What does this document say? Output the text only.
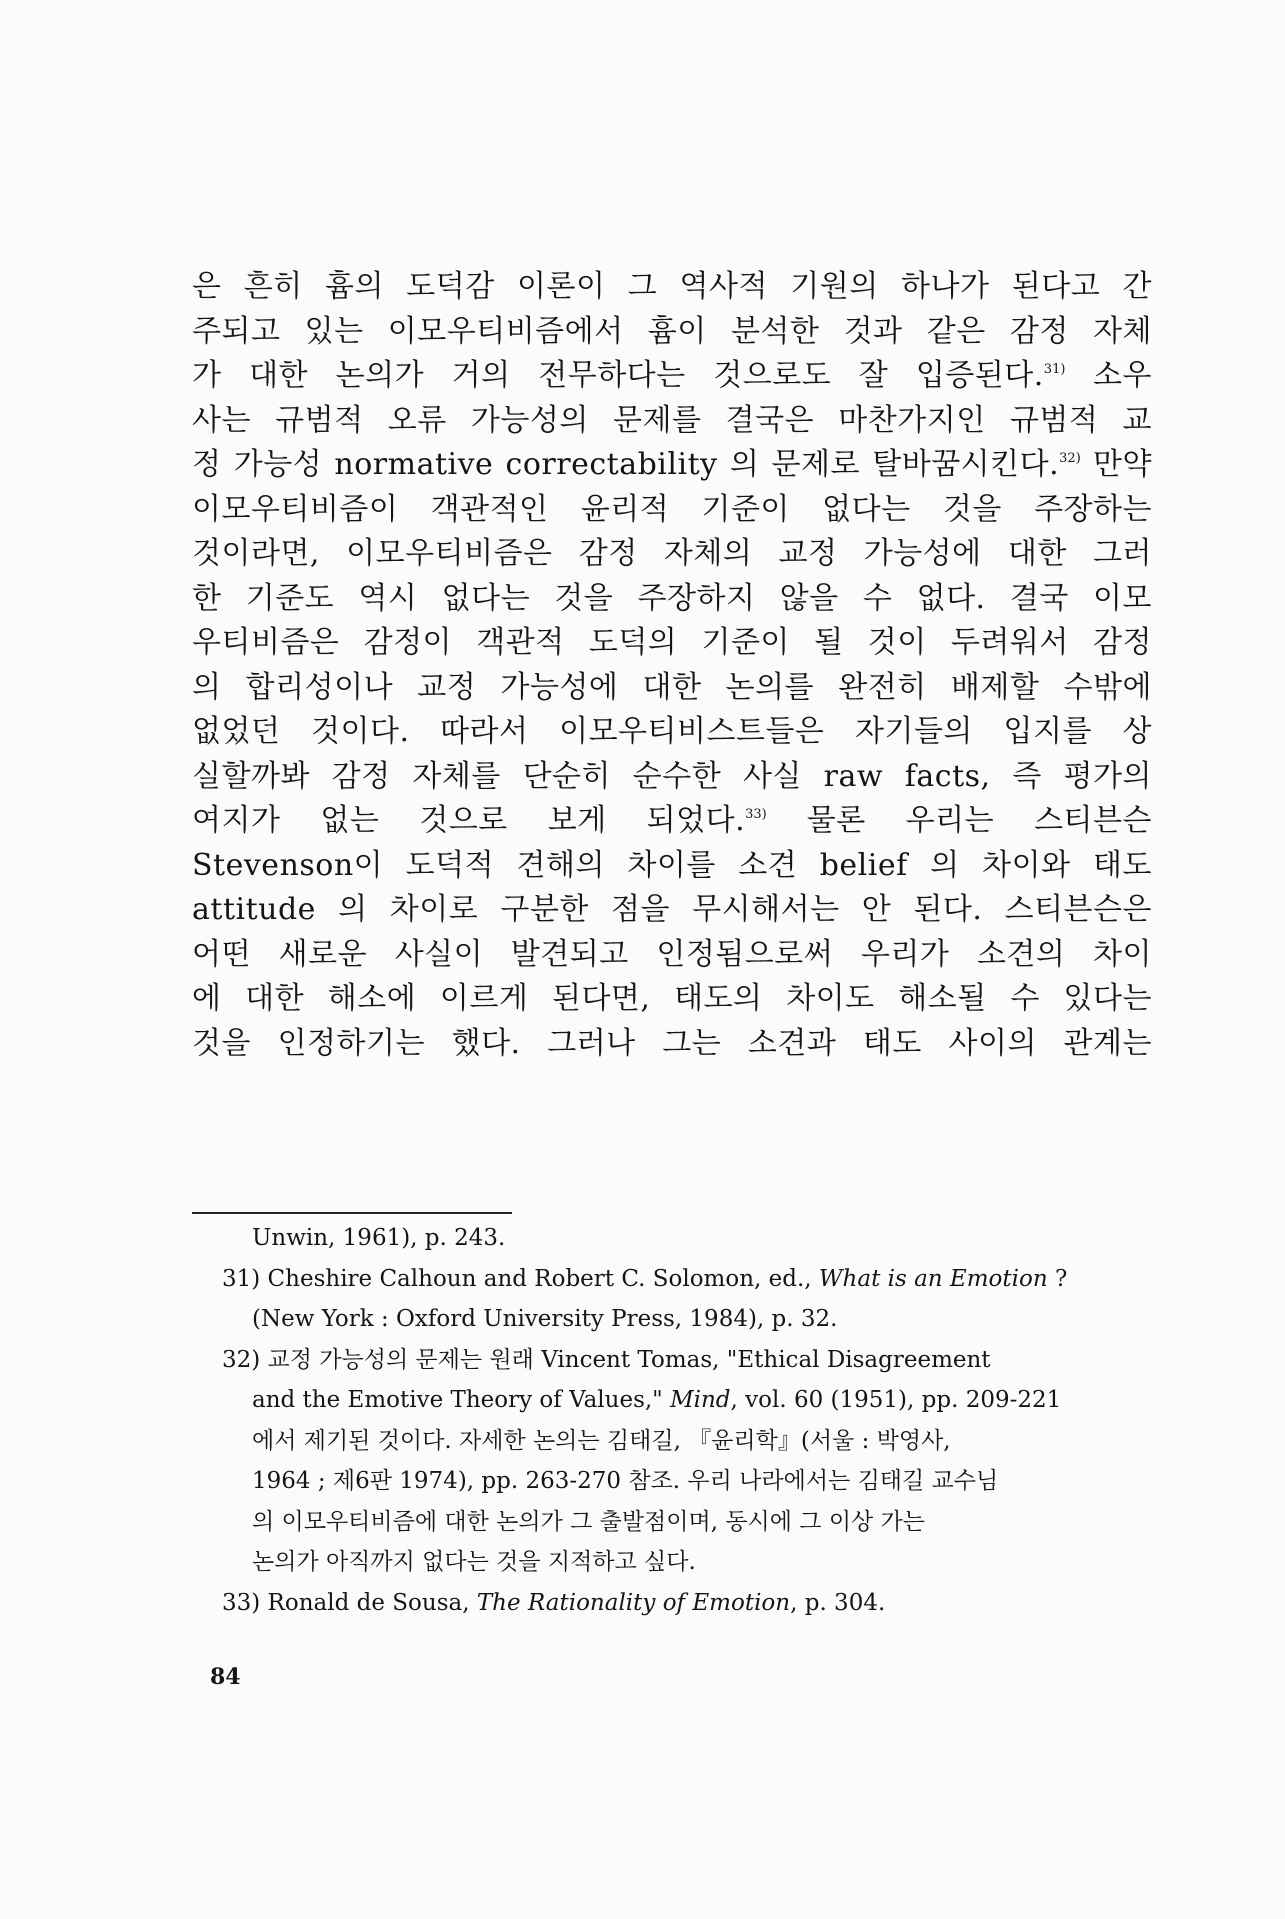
은 흔히 흄의 도덕감 이론이 그 역사적 기원의 하나가 된다고 간
주되고 있는 이모우티비즘에서 흄이 분석한 것과 같은 감정 자체
가 대한 논의가 거의 전무하다는 것으로도 잘 입증된다.$^{31)}$ 소우
사는 규범적 오류 가능성의 문제를 결국은 마찬가지인 규범적 교
정 가능성 normative correctability 의 문제로 탈바꿈시킨다.$^{32)}$ 만약
이모우티비즘이 객관적인 윤리적 기준이 없다는 것을 주장하는
것이라면, 이모우티비즘은 감정 자체의 교정 가능성에 대한 그러
한 기준도 역시 없다는 것을 주장하지 않을 수 없다. 결국 이모
우티비즘은 감정이 객관적 도덕의 기준이 될 것이 두려워서 감정
의 합리성이나 교정 가능성에 대한 논의를 완전히 배제할 수밖에
없었던 것이다. 따라서 이모우티비스트들은 자기들의 입지를 상
실할까봐 감정 자체를 단순히 순수한 사실 raw facts, 즉 평가의
여지가 없는 것으로 보게 되었다.$^{33)}$ 물론 우리는 스티븐슨
Stevenson이 도덕적 견해의 차이를 소견 belief 의 차이와 태도
attitude 의 차이로 구분한 점을 무시해서는 안 된다. 스티븐슨은
어떤 새로운 사실이 발견되고 인정됨으로써 우리가 소견의 차이
에 대한 해소에 이르게 된다면, 태도의 차이도 해소될 수 있다는
것을 인정하기는 했다. 그러나 그는 소견과 태도 사이의 관계는
Unwin, 1961), p. 243.
31) Cheshire Calhoun and Robert C. Solomon, ed., What is an Emotion ?
(New York : Oxford University Press, 1984), p. 32.
32) 교정 가능성의 문제는 원래 Vincent Tomas, "Ethical Disagreement
and the Emotive Theory of Values," Mind, vol. 60 (1951), pp. 209-221
에서 제기된 것이다. 자세한 논의는 김태길, 『윤리학』(서울 : 박영사,
1964 ; 제6판 1974), pp. 263-270 참조. 우리 나라에서는 김태길 교수님
의 이모우티비즘에 대한 논의가 그 출발점이며, 동시에 그 이상 가는
논의가 아직까지 없다는 것을 지적하고 싶다.
33) Ronald de Sousa, The Rationality of Emotion, p. 304.
84
